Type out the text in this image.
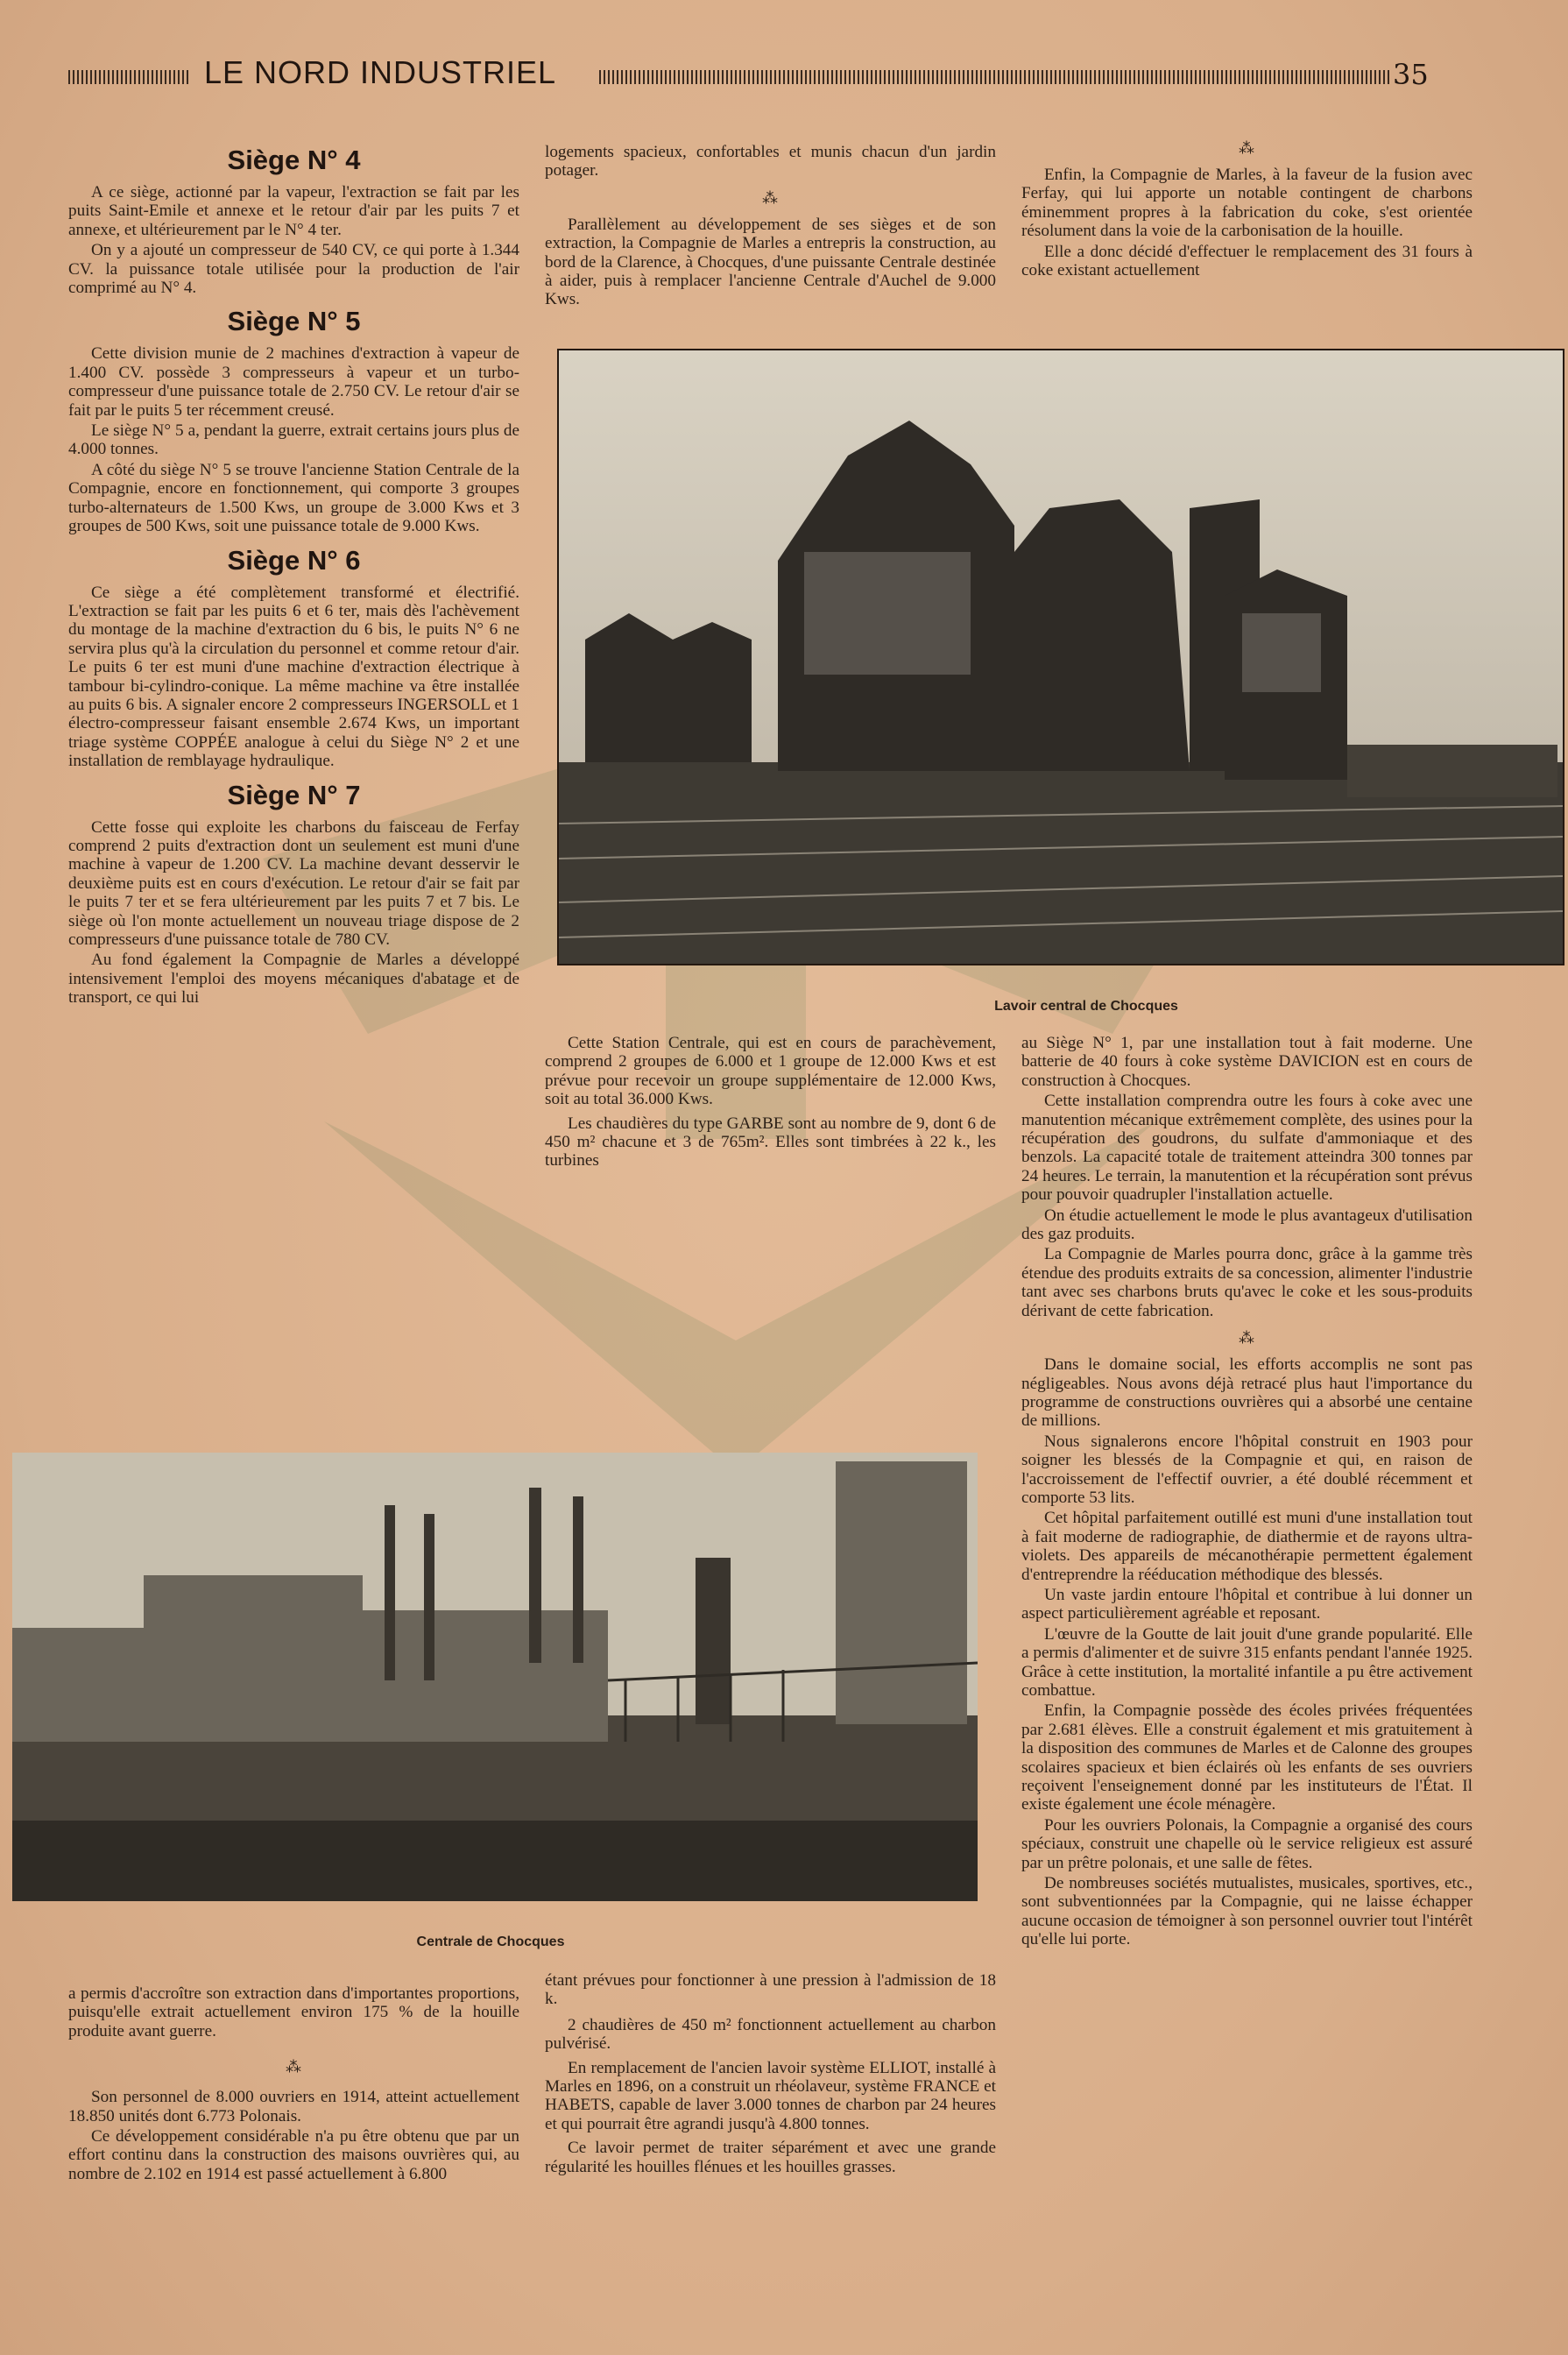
LE NORD INDUSTRIEL	35
Siège N° 4

A ce siège, actionné par la vapeur, l'extraction se fait par les puits Saint-Emile et annexe et le retour d'air par les puits 7 et annexe, et ultérieurement par le N° 4 ter.

On y a ajouté un compresseur de 540 CV, ce qui porte à 1.344 CV. la puissance totale utilisée pour la production de l'air comprimé au N° 4.

Siège N° 5

Cette division munie de 2 machines d'extraction à vapeur de 1.400 CV. possède 3 compresseurs à vapeur et un turbo-compresseur d'une puissance totale de 2.750 CV. Le retour d'air se fait par le puits 5 ter récemment creusé.

Le siège N° 5 a, pendant la guerre, extrait certains jours plus de 4.000 tonnes.

A côté du siège N° 5 se trouve l'ancienne Station Centrale de la Compagnie, encore en fonctionnement, qui comporte 3 groupes turbo-alternateurs de 1.500 Kws, un groupe de 3.000 Kws et 3 groupes de 500 Kws, soit une puissance totale de 9.000 Kws.

Siège N° 6

Ce siège a été complètement transformé et électrifié. L'extraction se fait par les puits 6 et 6 ter, mais dès l'achèvement du montage de la machine d'extraction du 6 bis, le puits N° 6 ne servira plus qu'à la circulation du personnel et comme retour d'air. Le puits 6 ter est muni d'une machine d'extraction électrique à tambour bi-cylindro-conique. La même machine va être installée au puits 6 bis. A signaler encore 2 compresseurs INGERSOLL et 1 électro-compresseur faisant ensemble 2.674 Kws, un important triage système COPPÉE analogue à celui du Siège N° 2 et une installation de remblayage hydraulique.

Siège N° 7

Cette fosse qui exploite les charbons du faisceau de Ferfay comprend 2 puits d'extraction dont un seulement est muni d'une machine à vapeur de 1.200 CV. La machine devant desservir le deuxième puits est en cours d'exécution. Le retour d'air se fait par le puits 7 ter et se fera ultérieurement par les puits 7 et 7 bis. Le siège où l'on monte actuellement un nouveau triage dispose de 2 compresseurs d'une puissance totale de 780 CV.

Au fond également la Compagnie de Marles a développé intensivement l'emploi des moyens mécaniques d'abatage et de transport, ce qui lui

logements spacieux, confortables et munis chacun d'un jardin potager.

⁂

Parallèlement au développement de ses sièges et de son extraction, la Compagnie de Marles a entrepris la construction, au bord de la Clarence, à Chocques, d'une puissante Centrale destinée à aider, puis à remplacer l'ancienne Centrale d'Auchel de 9.000 Kws.

⁂

Enfin, la Compagnie de Marles, à la faveur de la fusion avec Ferfay, qui lui apporte un notable contingent de charbons éminemment propres à la fabrication du coke, s'est orientée résolument dans la voie de la carbonisation de la houille.

Elle a donc décidé d'effectuer le remplacement des 31 fours à coke existant actuellement

Lavoir central de Chocques

Cette Station Centrale, qui est en cours de parachèvement, comprend 2 groupes de 6.000 et 1 groupe de 12.000 Kws et est prévue pour recevoir un groupe supplémentaire de 12.000 Kws, soit au total 36.000 Kws.

Les chaudières du type GARBE sont au nombre de 9, dont 6 de 450 m² chacune et 3 de 765m². Elles sont timbrées à 22 k., les turbines

au Siège N° 1, par une installation tout à fait moderne. Une batterie de 40 fours à coke système DAVICION est en cours de construction à Chocques.

Cette installation comprendra outre les fours à coke avec une manutention mécanique extrêmement complète, des usines pour la récupération des goudrons, du sulfate d'ammoniaque et des benzols. La capacité totale de traitement atteindra 300 tonnes par 24 heures. Le terrain, la manutention et la récupération sont prévus pour pouvoir quadrupler l'installation actuelle.

On étudie actuellement le mode le plus avantageux d'utilisation des gaz produits.

La Compagnie de Marles pourra donc, grâce à la gamme très étendue des produits extraits de sa concession, alimenter l'industrie tant avec ses charbons bruts qu'avec le coke et les sous-produits dérivant de cette fabrication.

⁂

Dans le domaine social, les efforts accomplis ne sont pas négligeables. Nous avons déjà retracé plus haut l'importance du programme de constructions ouvrières qui a absorbé une centaine de millions.

Nous signalerons encore l'hôpital construit en 1903 pour soigner les blessés de la Compagnie et qui, en raison de l'accroissement de l'effectif ouvrier, a été doublé récemment et comporte 53 lits.

Cet hôpital parfaitement outillé est muni d'une installation tout à fait moderne de radiographie, de diathermie et de rayons ultra-violets. Des appareils de mécanothérapie permettent également d'entreprendre la rééducation méthodique des blessés.

Un vaste jardin entoure l'hôpital et contribue à lui donner un aspect particulièrement agréable et reposant.

L'œuvre de la Goutte de lait jouit d'une grande popularité. Elle a permis d'alimenter et de suivre 315 enfants pendant l'année 1925. Grâce à cette institution, la mortalité infantile a pu être activement combattue.

Enfin, la Compagnie possède des écoles privées fréquentées par 2.681 élèves. Elle a construit également et mis gratuitement à la disposition des communes de Marles et de Calonne des groupes scolaires spacieux et bien éclairés où les enfants de ses ouvriers reçoivent l'enseignement donné par les instituteurs de l'État. Il existe également une école ménagère.

Pour les ouvriers Polonais, la Compagnie a organisé des cours spéciaux, construit une chapelle où le service religieux est assuré par un prêtre polonais, et une salle de fêtes.

De nombreuses sociétés mutualistes, musicales, sportives, etc., sont subventionnées par la Compagnie, qui ne laisse échapper aucune occasion de témoigner à son personnel ouvrier tout l'intérêt qu'elle lui porte.

Centrale de Chocques

a permis d'accroître son extraction dans d'importantes proportions, puisqu'elle extrait actuellement environ 175 % de la houille produite avant guerre.

⁂

Son personnel de 8.000 ouvriers en 1914, atteint actuellement 18.850 unités dont 6.773 Polonais.

Ce développement considérable n'a pu être obtenu que par un effort continu dans la construction des maisons ouvrières qui, au nombre de 2.102 en 1914 est passé actuellement à 6.800

étant prévues pour fonctionner à une pression à l'admission de 18 k.

2 chaudières de 450 m² fonctionnent actuellement au charbon pulvérisé.

En remplacement de l'ancien lavoir système ELLIOT, installé à Marles en 1896, on a construit un rhéolaveur, système FRANCE et HABETS, capable de laver 3.000 tonnes de charbon par 24 heures et qui pourrait être agrandi jusqu'à 4.800 tonnes.

Ce lavoir permet de traiter séparément et avec une grande régularité les houilles flénues et les houilles grasses.
